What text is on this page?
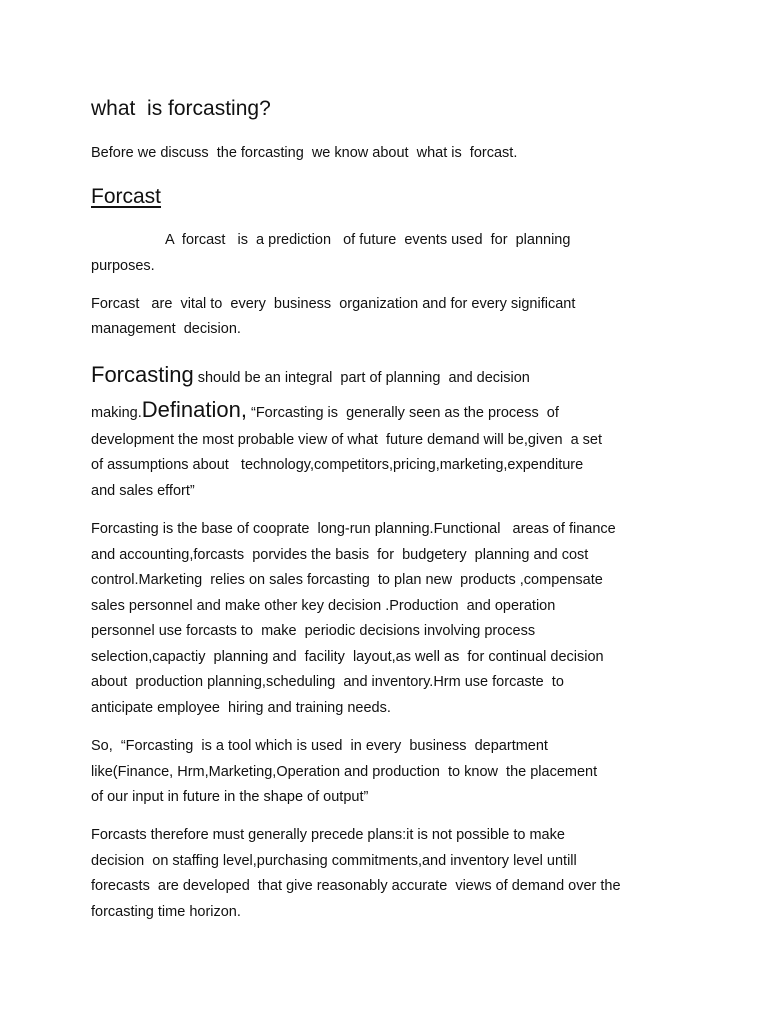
what  is forcasting?
Before we discuss  the forcasting  we know about  what is  forcast.
Forcast
A  forcast   is  a prediction   of future  events used  for  planning
purposes.
Forcast   are  vital to  every  business  organization and for every significant
management  decision.
Forcasting should be an integral  part of planning  and decision
making.Defination, “Forcasting is  generally seen as the process  of
development the most probable view of what  future demand will be,given  a set
of assumptions about   technology,competitors,pricing,marketing,expenditure
and sales effort”
Forcasting is the base of cooprate  long-run planning.Functional   areas of finance
and accounting,forcasts  porvides the basis  for  budgetery  planning and cost
control.Marketing  relies on sales forcasting  to plan new  products ,compensate
sales personnel and make other key decision .Production  and operation
personnel use forcasts to  make  periodic decisions involving process
selection,capactiy  planning and  facility  layout,as well as  for continual decision
about  production planning,scheduling  and inventory.Hrm use forcaste  to
anticipate employee  hiring and training needs.
So,  “Forcasting  is a tool which is used  in every  business  department
like(Finance, Hrm,Marketing,Operation and production  to know  the placement
of our input in future in the shape of output”
Forcasts therefore must generally precede plans:it is not possible to make
decision  on staffing level,purchasing commitments,and inventory level untill
forecasts  are developed  that give reasonably accurate  views of demand over the
forcasting time horizon.
